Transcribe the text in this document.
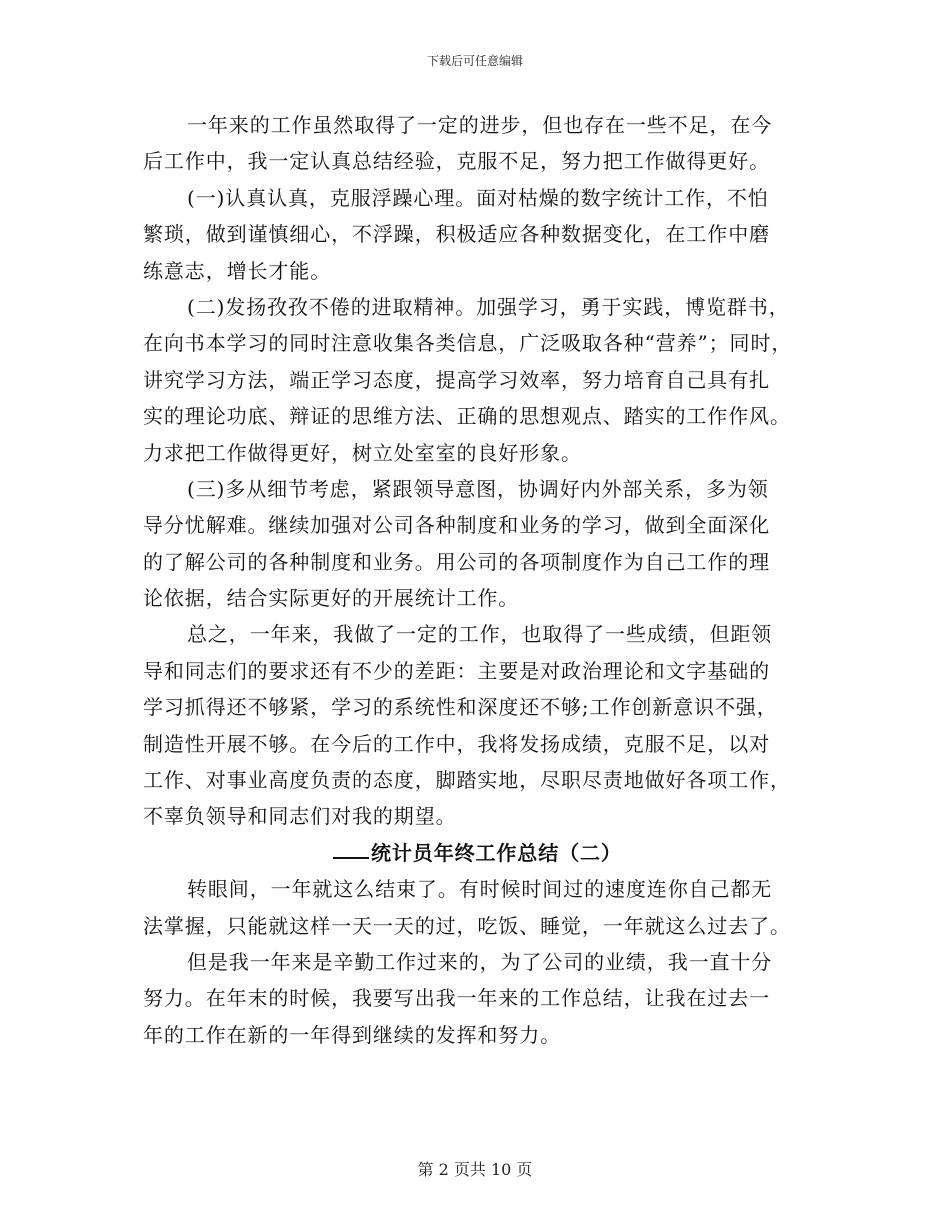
下载后可任意编辑
一年来的工作虽然取得了一定的进步，但也存在一些不足，在今
后工作中，我一定认真总结经验，克服不足，努力把工作做得更好。
(一)认真认真，克服浮躁心理。面对枯燥的数字统计工作，不怕
繁琐，做到谨慎细心，不浮躁，积极适应各种数据变化，在工作中磨
练意志，增长才能。
(二)发扬孜孜不倦的进取精神。加强学习，勇于实践，博览群书，
在向书本学习的同时注意收集各类信息，广泛吸取各种“营养”；同时，
讲究学习方法，端正学习态度，提高学习效率，努力培育自己具有扎
实的理论功底、辩证的思维方法、正确的思想观点、踏实的工作作风。
力求把工作做得更好，树立处室室的良好形象。
(三)多从细节考虑，紧跟领导意图，协调好内外部关系，多为领
导分忧解难。继续加强对公司各种制度和业务的学习，做到全面深化
的了解公司的各种制度和业务。用公司的各项制度作为自己工作的理
论依据，结合实际更好的开展统计工作。
总之，一年来，我做了一定的工作，也取得了一些成绩，但距领
导和同志们的要求还有不少的差距：主要是对政治理论和文字基础的
学习抓得还不够紧，学习的系统性和深度还不够;工作创新意识不强，
制造性开展不够。在今后的工作中，我将发扬成绩，克服不足，以对
工作、对事业高度负责的态度，脚踏实地，尽职尽责地做好各项工作，
不辜负领导和同志们对我的期望。
统计员年终工作总结（二）
转眼间，一年就这么结束了。有时候时间过的速度连你自己都无
法掌握，只能就这样一天一天的过，吃饭、睡觉，一年就这么过去了。
但是我一年来是辛勤工作过来的，为了公司的业绩，我一直十分
努力。在年末的时候，我要写出我一年来的工作总结，让我在过去一
年的工作在新的一年得到继续的发挥和努力。
第 2 页共 10 页
